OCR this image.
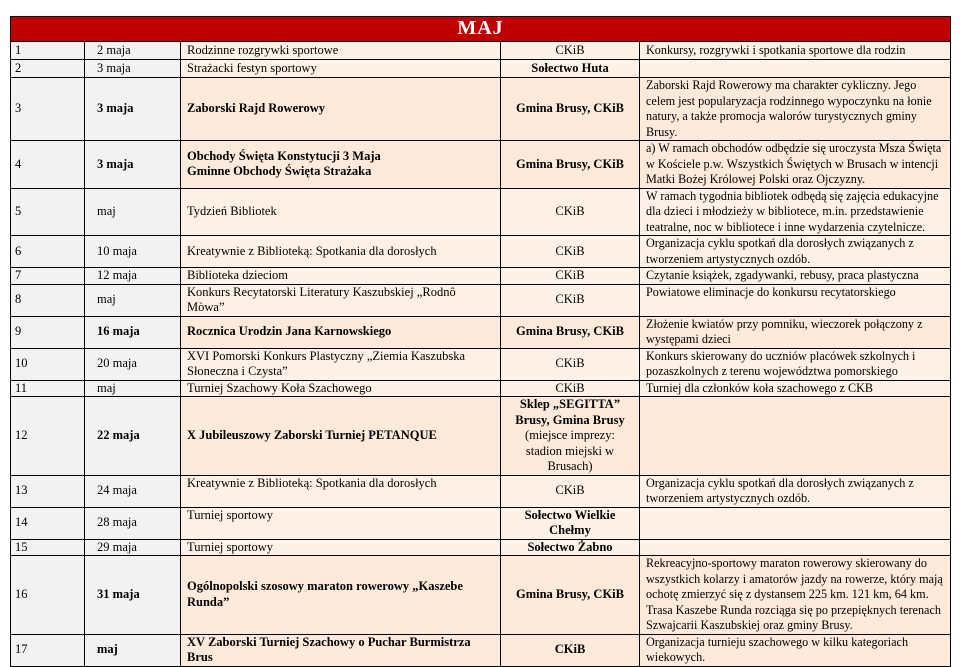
MAJ				
1	2 maja	Rodzinne rozgrywki sportowe	CKiB	Konkursy, rozgrywki i spotkania sportowe dla rodzin
2	3 maja	Strażacki festyn sportowy	Sołectwo Huta	
3	3 maja	Zaborski Rajd Rowerowy	Gmina Brusy, CKiB	Zaborski Rajd Rowerowy ma charakter cykliczny. Jego celem jest popularyzacja rodzinnego wypoczynku na łonie natury, a także promocja walorów turystycznych gminy Brusy.
4	3 maja	Obchody Święta Konstytucji 3 Maja
Gminne Obchody Święta Strażaka	Gmina Brusy, CKiB	a) W ramach obchodów odbędzie się uroczysta Msza Święta w Kościele p.w. Wszystkich Świętych w Brusach w intencji Matki Bożej Królowej Polski oraz Ojczyzny.
5	maj	Tydzień Bibliotek	CKiB	W ramach tygodnia bibliotek odbędą się zajęcia edukacyjne dla dzieci i młodzieży w bibliotece, m.in. przedstawienie teatralne, noc w bibliotece i inne wydarzenia czytelnicze.
6	10 maja	Kreatywnie z Biblioteką: Spotkania dla dorosłych	CKiB	Organizacja cyklu spotkań dla dorosłych związanych z tworzeniem artystycznych ozdób.
7	12 maja	Biblioteka dzieciom	CKiB	Czytanie książek, zgadywanki, rebusy, praca plastyczna
8	maj	Konkurs Recytatorski Literatury Kaszubskiej „Rodnô Mòwa”	CKiB	Powiatowe eliminacje do konkursu recytatorskiego
9	16 maja	Rocznica Urodzin Jana Karnowskiego	Gmina Brusy, CKiB	Złożenie kwiatów przy pomniku, wieczorek połączony z występami dzieci
10	20 maja	XVI Pomorski Konkurs Plastyczny „Ziemia Kaszubska Słoneczna i Czysta”	CKiB	Konkurs skierowany do uczniów placówek szkolnych i pozaszkolnych z terenu województwa pomorskiego
11	maj	Turniej Szachowy Koła Szachowego	CKiB	Turniej dla członków koła szachowego z CKB
12	22 maja	X Jubileuszowy Zaborski Turniej PETANQUE	Sklep „SEGITTA”
Brusy, Gmina Brusy
(miejsce imprezy:
stadion miejski w Brusach)	

13	24 maja	Kreatywnie z Biblioteką: Spotkania dla dorosłych	CKiB	Organizacja cyklu spotkań dla dorosłych związanych z tworzeniem artystycznych ozdób.
14	28 maja	Turniej sportowy	Sołectwo Wielkie Chełmy	
15	29 maja	Turniej sportowy	Sołectwo Żabno	
16	31 maja	Ogólnopolski szosowy maraton rowerowy „Kaszebe Runda”	Gmina Brusy, CKiB	Rekreacyjno-sportowy maraton rowerowy skierowany do wszystkich kolarzy i amatorów jazdy na rowerze, który mają ochotę zmierzyć się z dystansem 225 km. 121 km, 64 km. Trasa Kaszebe Runda rozciąga się po przepięknych terenach Szwajcarii Kaszubskiej oraz gminy Brusy.
17	maj	XV Zaborski Turniej Szachowy o Puchar Burmistrza Brus	CKiB	Organizacja turnieju szachowego w kilku kategoriach wiekowych.
